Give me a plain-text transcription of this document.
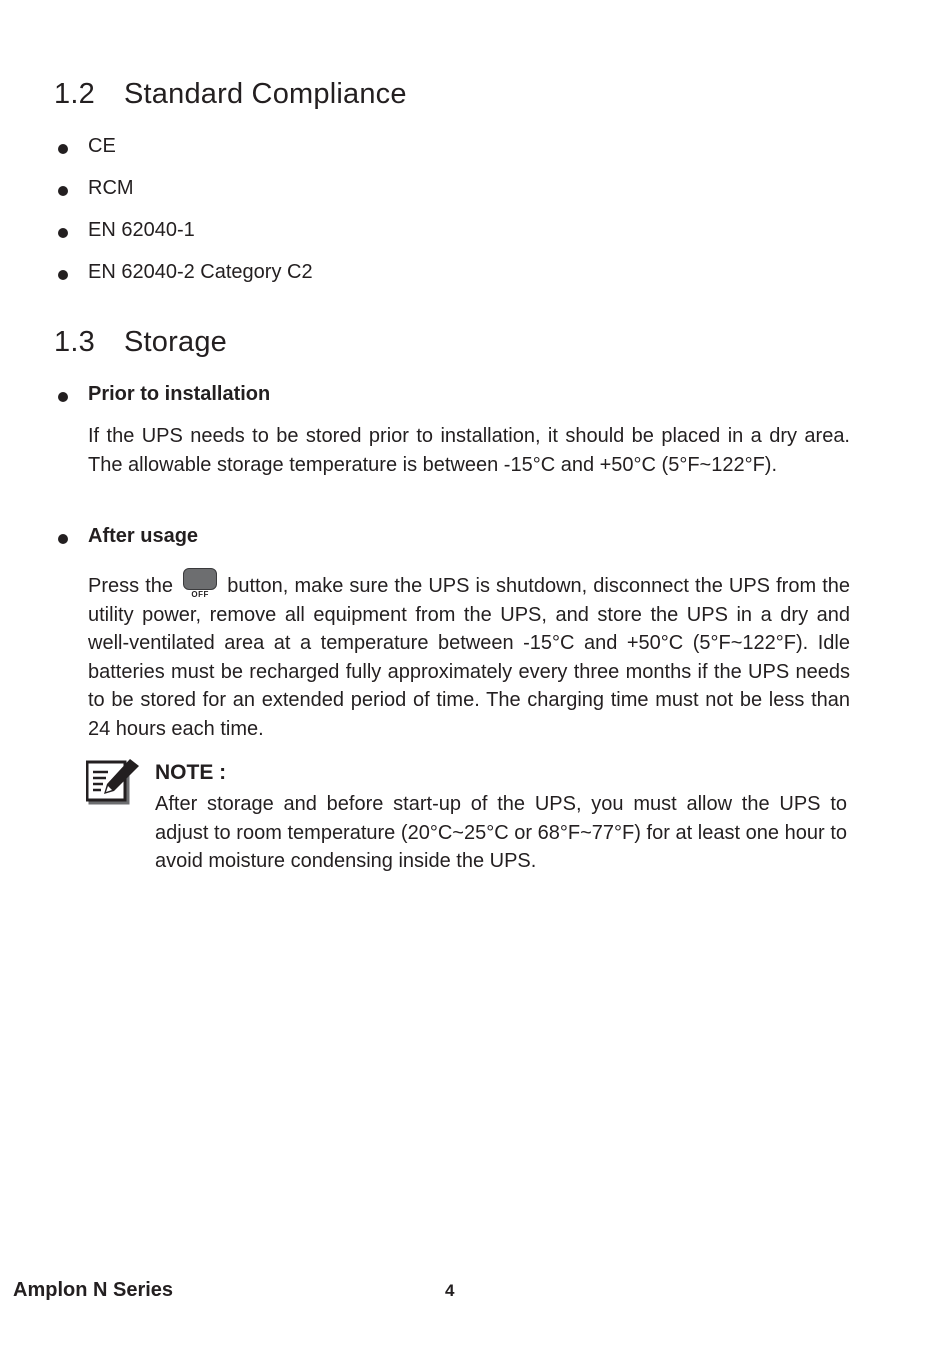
1.2 Standard Compliance
CE
RCM
EN 62040-1
EN 62040-2 Category C2
1.3 Storage
Prior to installation

If the UPS needs to be stored prior to installation, it should be placed in a dry area. The allowable storage temperature is between -15°C and +50°C (5°F~122°F).

After usage

Press the	OFF button, make sure the UPS is shutdown, disconnect the UPS from the utility power, remove all equipment from the UPS, and store the UPS in a dry and well-ventilated area at a temperature between -15°C and +50°C (5°F~122°F). Idle batteries must be recharged fully approximately every three months if the UPS needs to be stored for an extended period of time. The charging time must not be less than 24 hours each time.

NOTE :

After storage and before start-up of the UPS, you must allow the UPS to adjust to room temperature (20°C~25°C or 68°F~77°F) for at least one hour to avoid moisture condensing inside the UPS.

Amplon N Series	4
